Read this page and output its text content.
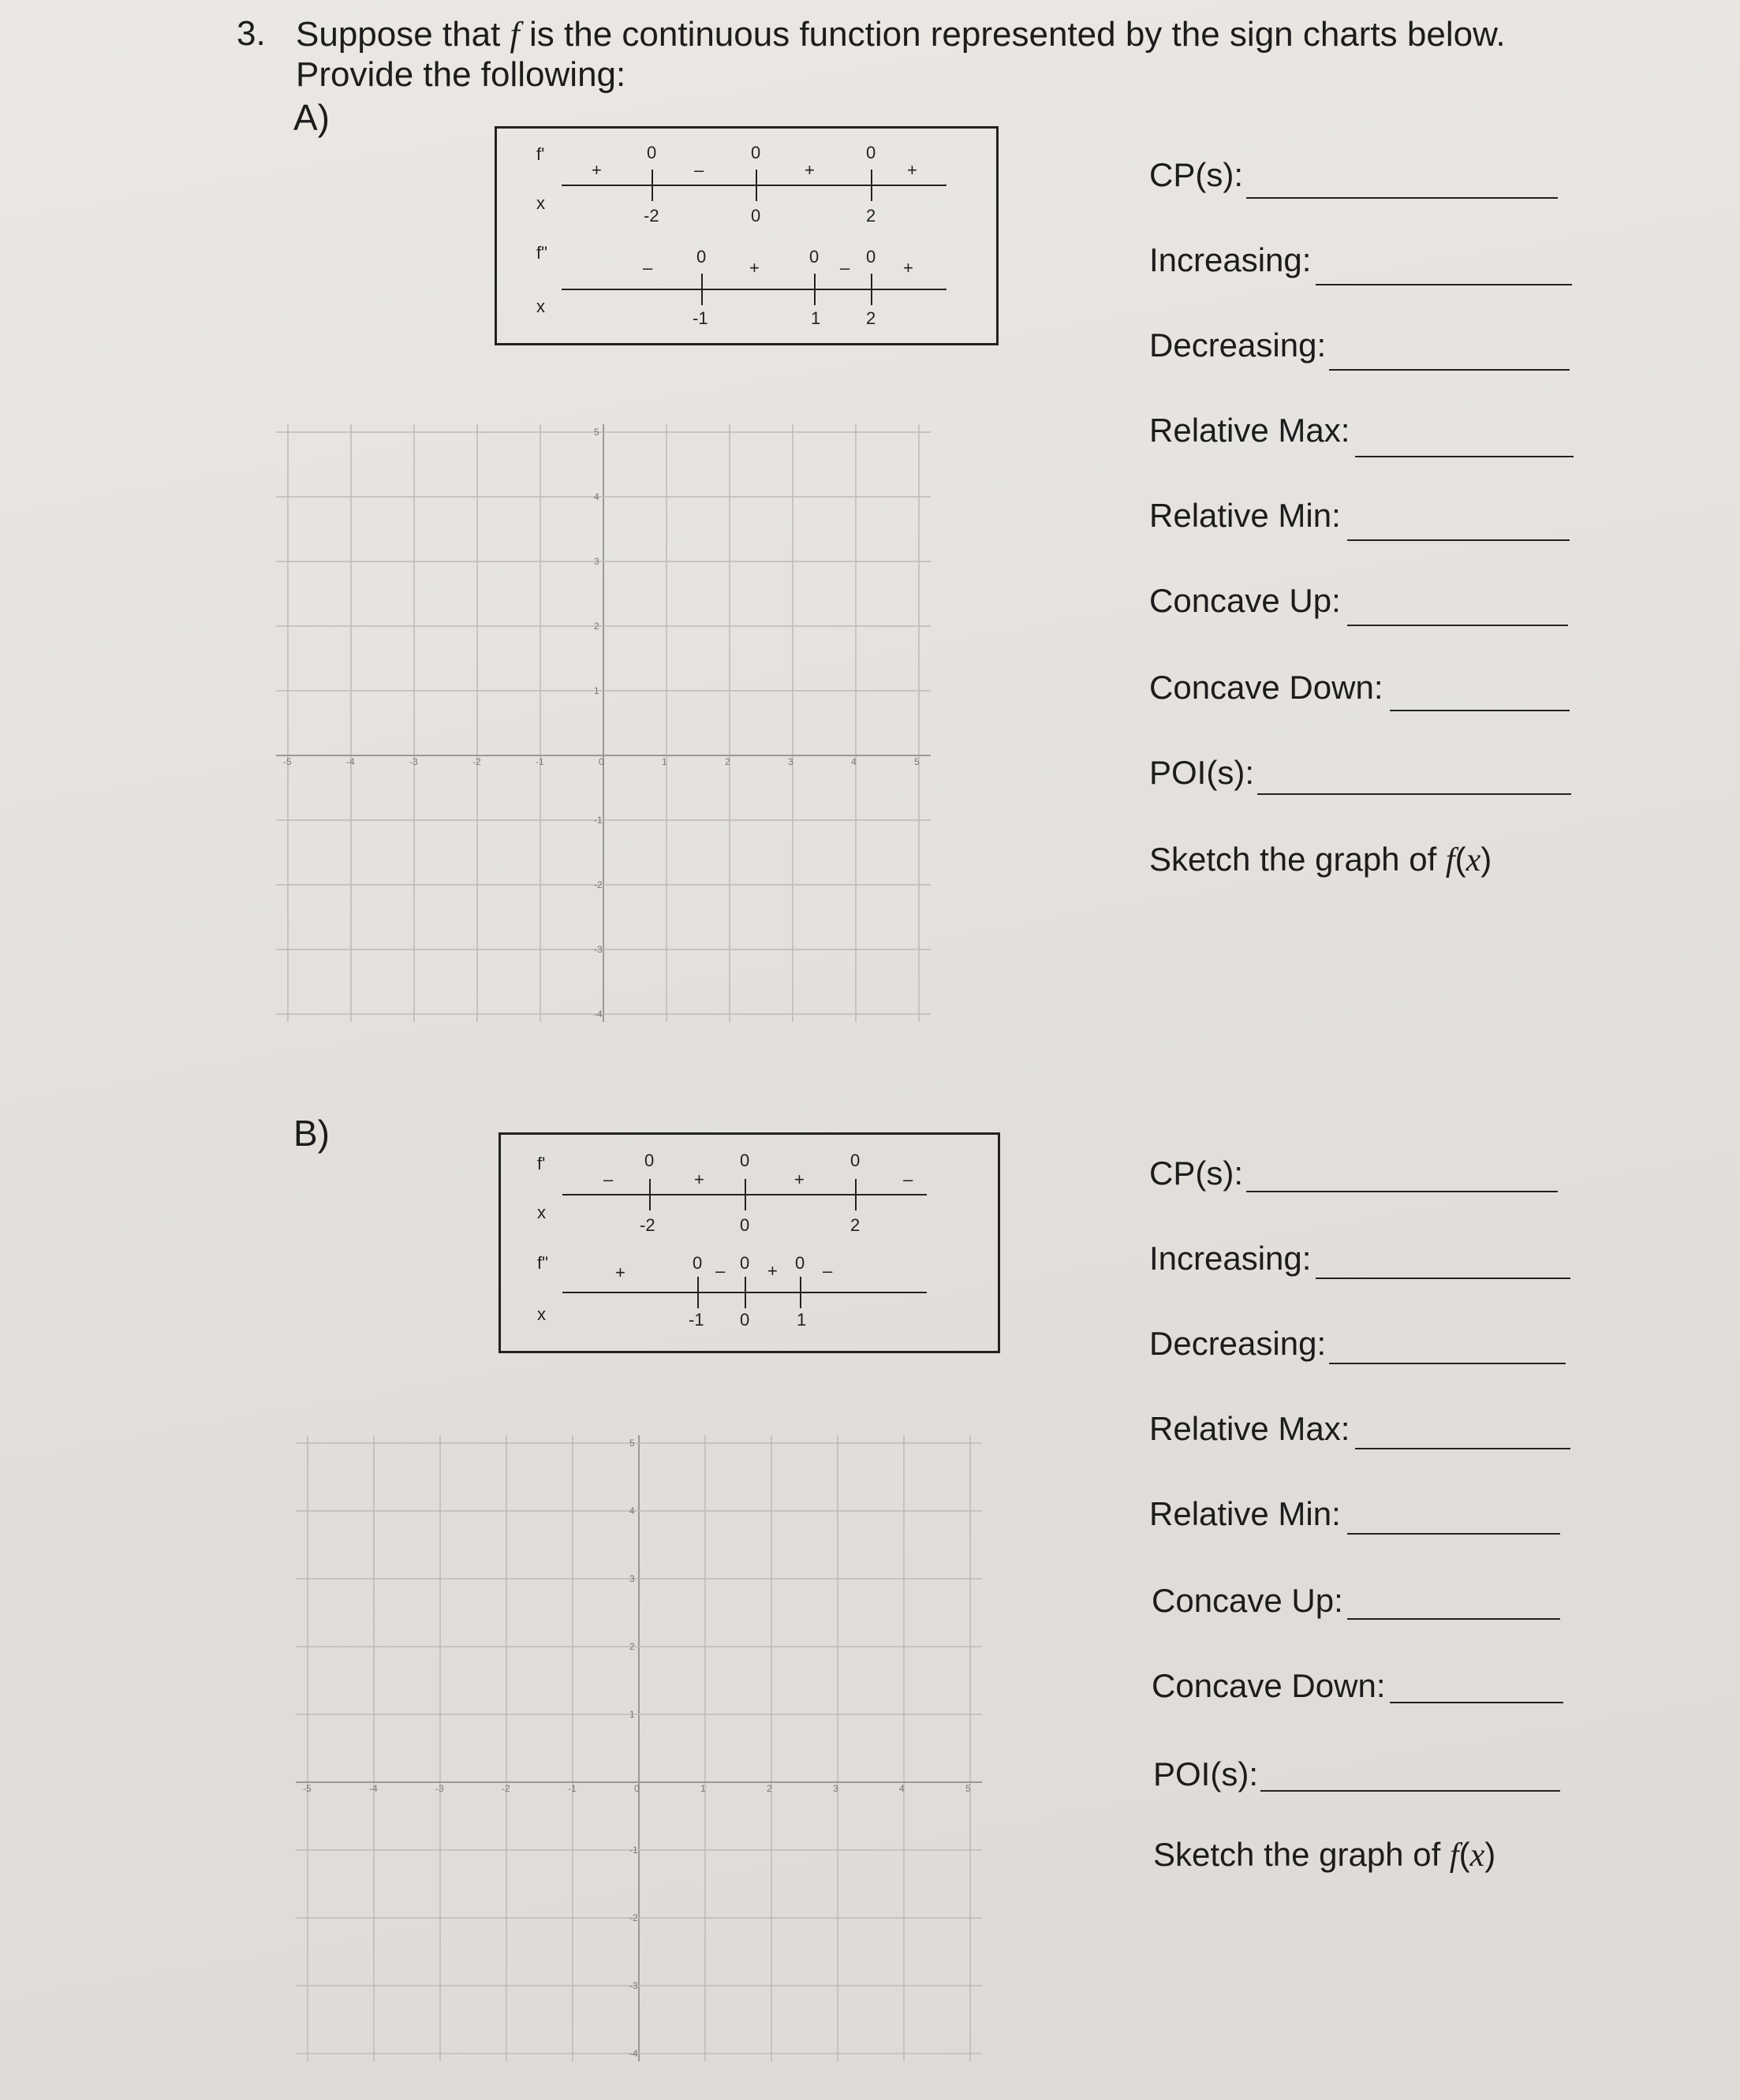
3. Suppose that f is the continuous function represented by the sign charts below.
Provide the following:
A)
f'
x
f"
x
+	–	+	+
0	0	0
-2	0	2
–	+	–	+
0	0	0
-1	1	2
CP(s):
Increasing:
Decreasing:
Relative Max:
Relative Min:
Concave Up:
Concave Down:
POI(s):
Sketch the graph of f(x)
-5	-4	-3	-2	-1	0	1	2	3	4	5
5
4
3
2
1
-1
-2
-3
-4
B)
f'
x
f"
x
–	+	+	–
0	0	0
-2	0	2
+	– +	–
0 0	0
-1 0	1
CP(s):
Increasing:
Decreasing:
Relative Max:
Relative Min:
Concave Up:
Concave Down:
POI(s):
Sketch the graph of f(x)
-5	-4	-3	-2	-1	0	1	2	3	4	5
5
4
3
2
1
-1
-2
-3
-4
